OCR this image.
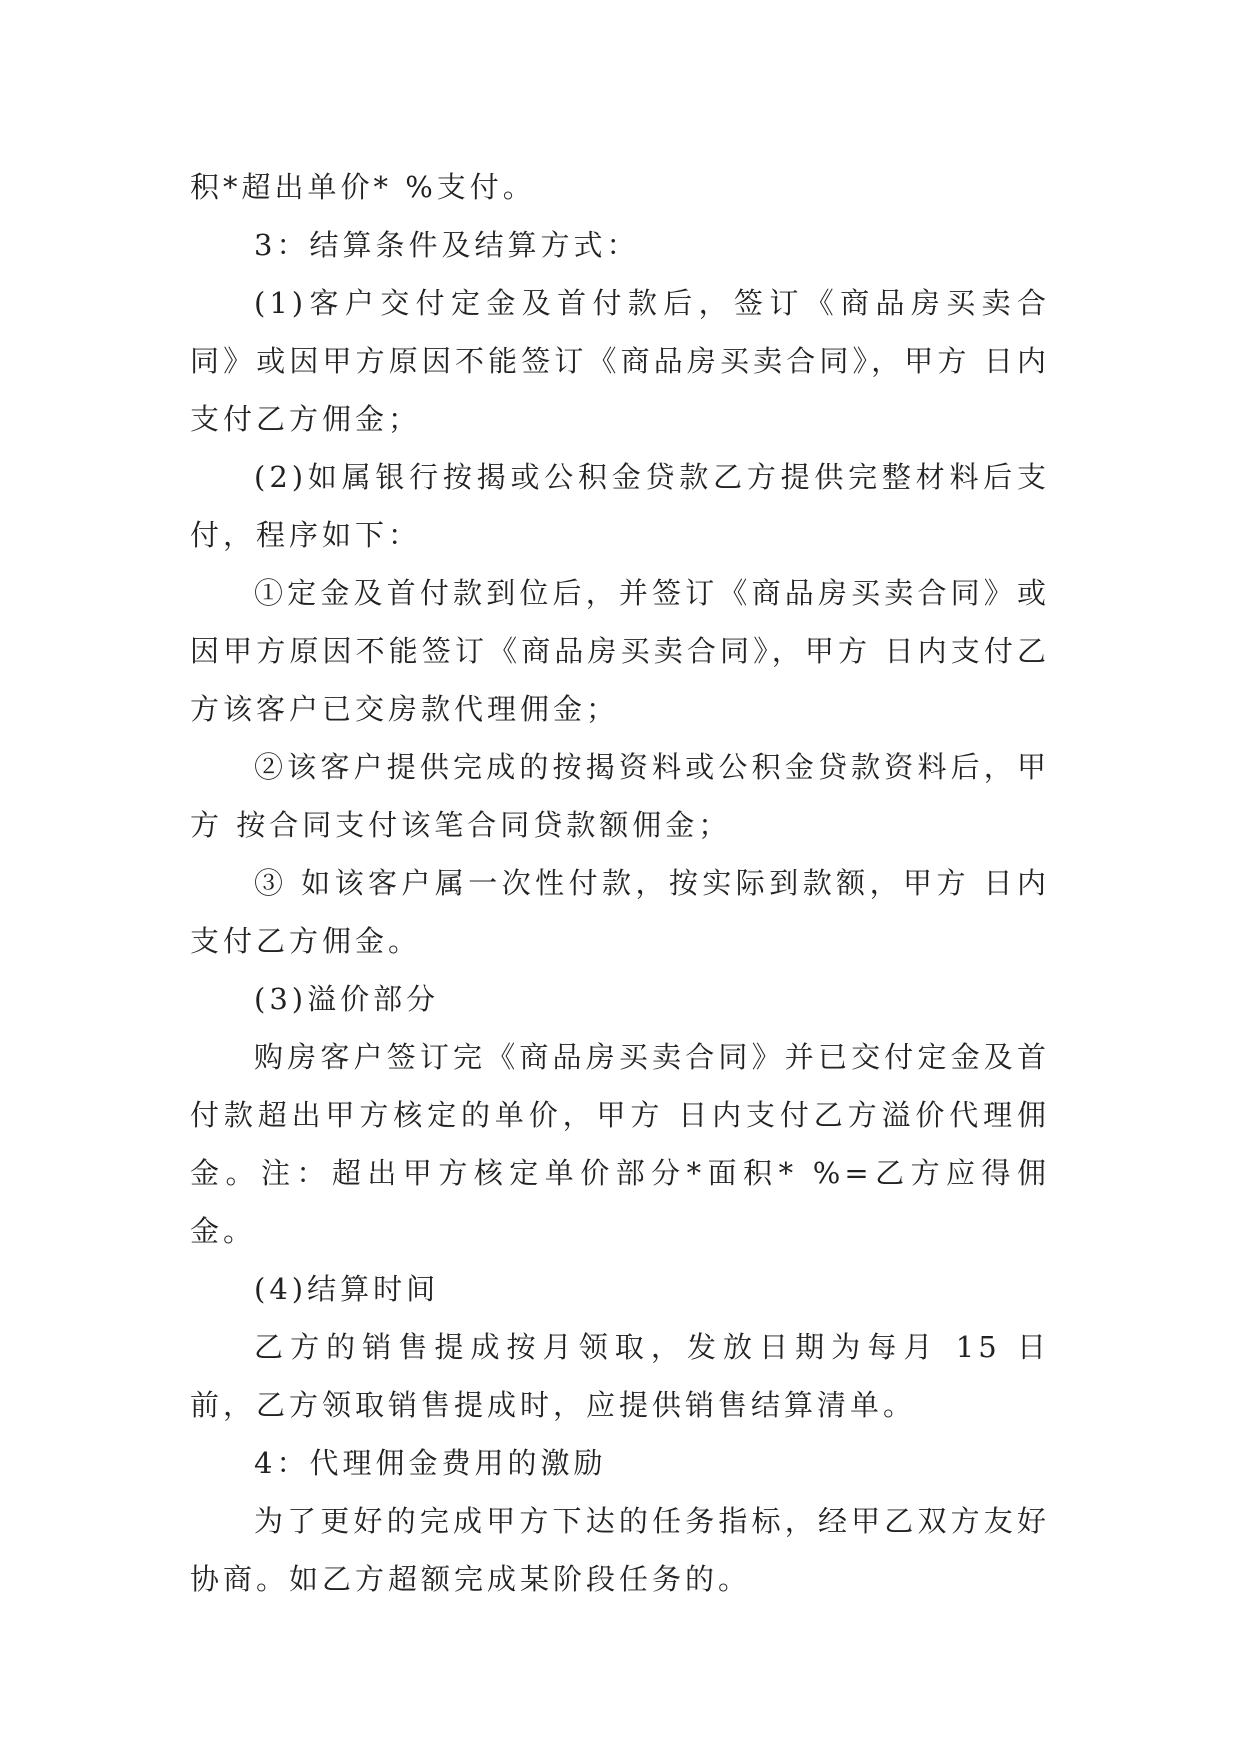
积*超出单价* %支付。

3：结算条件及结算方式：

(1)客户交付定金及首付款后，签订《商品房买卖合同》或因甲方原因不能签订《商品房买卖合同》，甲方 日内支付乙方佣金；

(2)如属银行按揭或公积金贷款乙方提供完整材料后支付，程序如下：

①定金及首付款到位后，并签订《商品房买卖合同》或因甲方原因不能签订《商品房买卖合同》，甲方 日内支付乙方该客户已交房款代理佣金；

②该客户提供完成的按揭资料或公积金贷款资料后，甲方 按合同支付该笔合同贷款额佣金；

③ 如该客户属一次性付款，按实际到款额，甲方 日内支付乙方佣金。

(3)溢价部分

购房客户签订完《商品房买卖合同》并已交付定金及首付款超出甲方核定的单价，甲方 日内支付乙方溢价代理佣金。注：超出甲方核定单价部分*面积* %=乙方应得佣金。

(4)结算时间

乙方的销售提成按月领取，发放日期为每月 15 日前，乙方领取销售提成时，应提供销售结算清单。

4：代理佣金费用的激励

为了更好的完成甲方下达的任务指标，经甲乙双方友好协商。如乙方超额完成某阶段任务的。
